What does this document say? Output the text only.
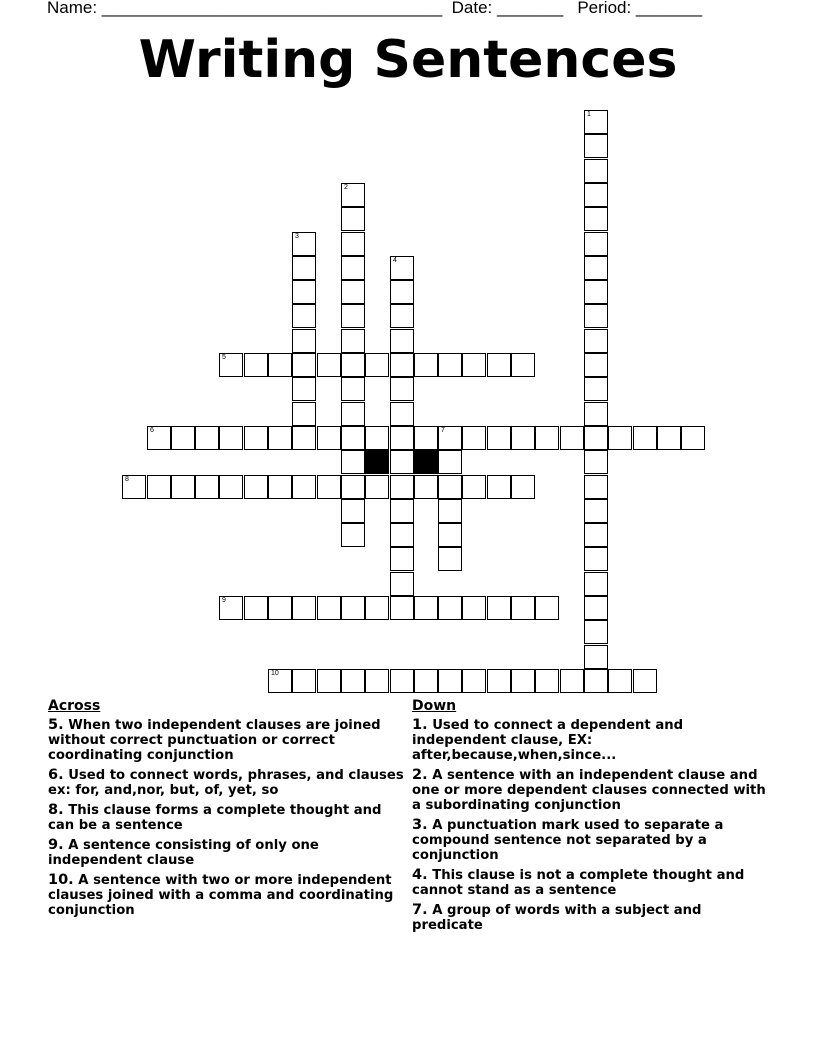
Name: ____________________________________ Date: _______ Period: _______
Writing Sentences
1
2
3
4
7
5
6
8
9
10
Across
5. When two independent clauses are joined without correct punctuation or correct coordinating conjunction
6. Used to connect words, phrases, and clauses ex: for, and,nor, but, of, yet, so
8. This clause forms a complete thought and can be a sentence
9. A sentence consisting of only one independent clause
10. A sentence with two or more independent clauses joined with a comma and coordinating conjunction
Down
1. Used to connect a dependent and independent clause, EX: after,because,when,since...
2. A sentence with an independent clause and one or more dependent clauses connected with a subordinating conjunction
3. A punctuation mark used to separate a compound sentence not separated by a conjunction
4. This clause is not a complete thought and cannot stand as a sentence
7. A group of words with a subject and predicate
